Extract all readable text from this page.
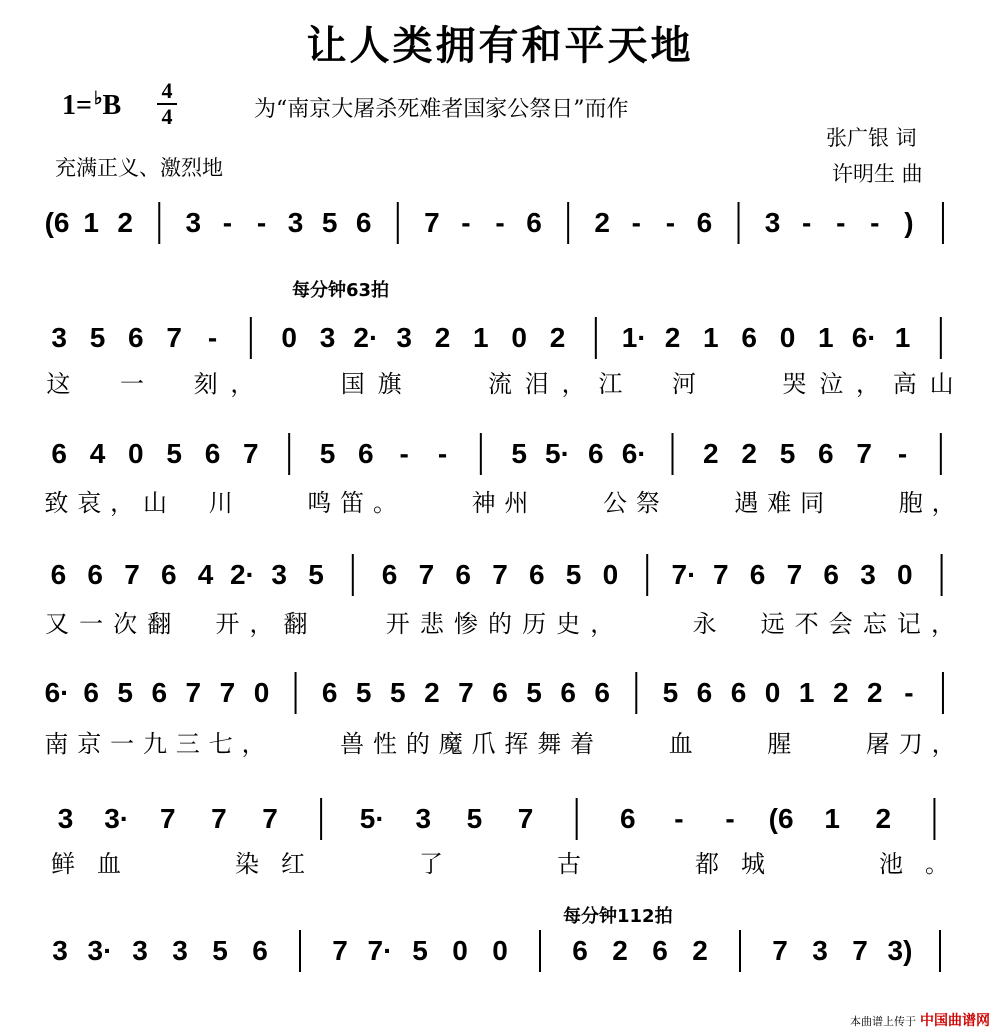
让人类拥有和平天地
1= ♭B 4
4	为“南京大屠杀死难者国家公祭日”而作
张广银 词
许明生 曲
充满正义、激烈地
每分钟63拍
每分钟112拍
(6 1 2 3 - - 3 5 6 7 - - 6 2 - - 6 3 - - - )
3 5 6 7 - 0 3 2· 3 2 1 0 2 1· 2 1 6 0 1 6· 1
这 一 刻 ，	国 旗	流 泪 ， 江 河	哭 泣 ， 高 山
6 4 0 5 6 7 5 6 - - 5 5· 6 6· 2 2 5 6 7 -
致 哀 ， 山 川	鸣 笛 。	神 州	公 祭	遇 难 同	胞 ，
6 6 7 6 4 2· 3 5 6 7 6 7 6 5 0 7· 7 6 7 6 3 0
又 一 次 翻 开 ， 翻	开 悲 惨 的 历 史 ，	永 远 不 会 忘 记 ，
6· 6 5 6 7 7 0 6 5 5 2 7 6 5 6 6 5 6 6 0 1 2 2 -
南 京 一 九 三 七 ，	兽 性 的 魔 爪 挥 舞 着	血	腥	屠 刀 ，
3 3· 7 7 7	5· 3 5 7	6 - - (6 1 2
鲜 血	染 红	了	古	都 城	池 。
3 3· 3 3 5 6 7 7· 5 0 0 6 2 6 2 7 3 7 3)
本曲谱上传于 中国曲谱网
